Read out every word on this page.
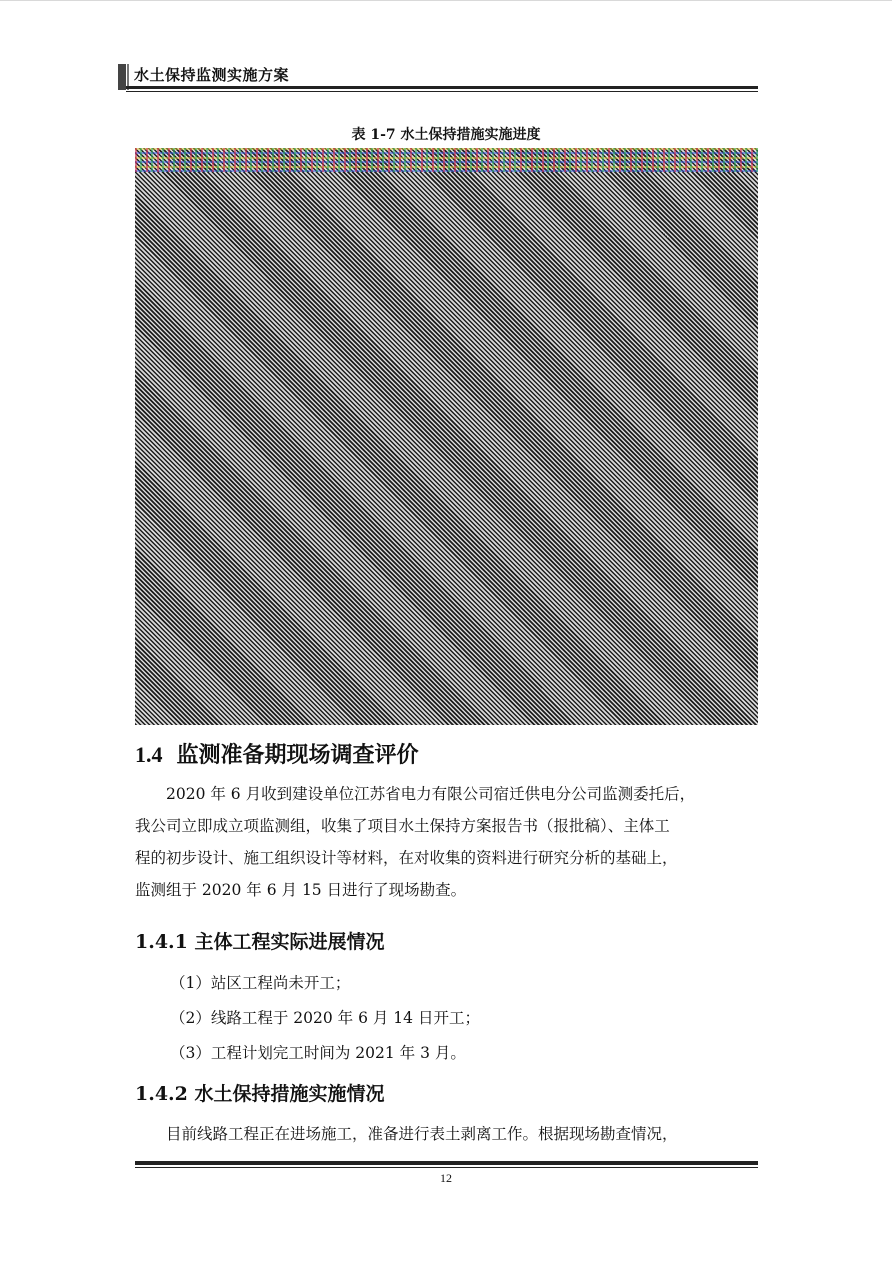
水土保持监测实施方案
表 1-7 水土保持措施实施进度
1.4 监测准备期现场调查评价

2020 年 6 月收到建设单位江苏省电力有限公司宿迁供电分公司监测委托后，

我公司立即成立项监测组，收集了项目水土保持方案报告书（报批稿）、主体工

程的初步设计、施工组织设计等材料，在对收集的资料进行研究分析的基础上，

监测组于 2020 年 6 月 15 日进行了现场勘查。

1.4.1 主体工程实际进展情况
（1）站区工程尚未开工；
（2）线路工程于 2020 年 6 月 14 日开工；
（3）工程计划完工时间为 2021 年 3 月。
1.4.2 水土保持措施实施情况

目前线路工程正在进场施工，准备进行表土剥离工作。根据现场勘查情况，

12
